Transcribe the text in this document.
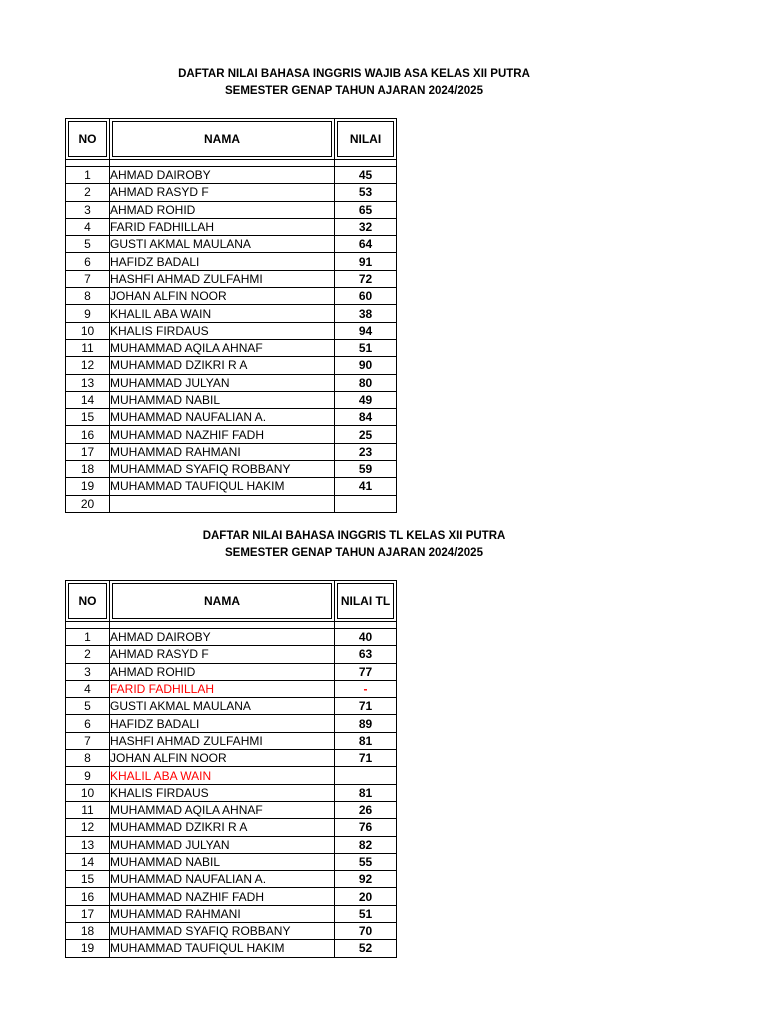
DAFTAR NILAI BAHASA INGGRIS WAJIB ASA KELAS XII PUTRA
SEMESTER GENAP TAHUN AJARAN 2024/2025
NO	NAMA	NILAI

1	AHMAD DAIROBY	45
2	AHMAD RASYD F	53
3	AHMAD ROHID	65
4	FARID FADHILLAH	32
5	GUSTI AKMAL MAULANA	64
6	HAFIDZ BADALI	91
7	HASHFI AHMAD ZULFAHMI	72
8	JOHAN ALFIN NOOR	60
9	KHALIL ABA WAIN	38
10	KHALIS FIRDAUS	94
11	MUHAMMAD AQILA AHNAF	51
12	MUHAMMAD DZIKRI R A	90
13	MUHAMMAD JULYAN	80
14	MUHAMMAD NABIL	49
15	MUHAMMAD NAUFALIAN A.	84
16	MUHAMMAD NAZHIF FADH	25
17	MUHAMMAD RAHMANI	23
18	MUHAMMAD SYAFIQ ROBBANY	59
19	MUHAMMAD TAUFIQUL HAKIM	41
20		
DAFTAR NILAI BAHASA INGGRIS TL KELAS XII PUTRA
SEMESTER GENAP TAHUN AJARAN 2024/2025
NO	NAMA	NILAI TL

1	AHMAD DAIROBY	40
2	AHMAD RASYD F	63
3	AHMAD ROHID	77
4	FARID FADHILLAH	-
5	GUSTI AKMAL MAULANA	71
6	HAFIDZ BADALI	89
7	HASHFI AHMAD ZULFAHMI	81
8	JOHAN ALFIN NOOR	71
9	KHALIL ABA WAIN	
10	KHALIS FIRDAUS	81
11	MUHAMMAD AQILA AHNAF	26
12	MUHAMMAD DZIKRI R A	76
13	MUHAMMAD JULYAN	82
14	MUHAMMAD NABIL	55
15	MUHAMMAD NAUFALIAN A.	92
16	MUHAMMAD NAZHIF FADH	20
17	MUHAMMAD RAHMANI	51
18	MUHAMMAD SYAFIQ ROBBANY	70
19	MUHAMMAD TAUFIQUL HAKIM	52
